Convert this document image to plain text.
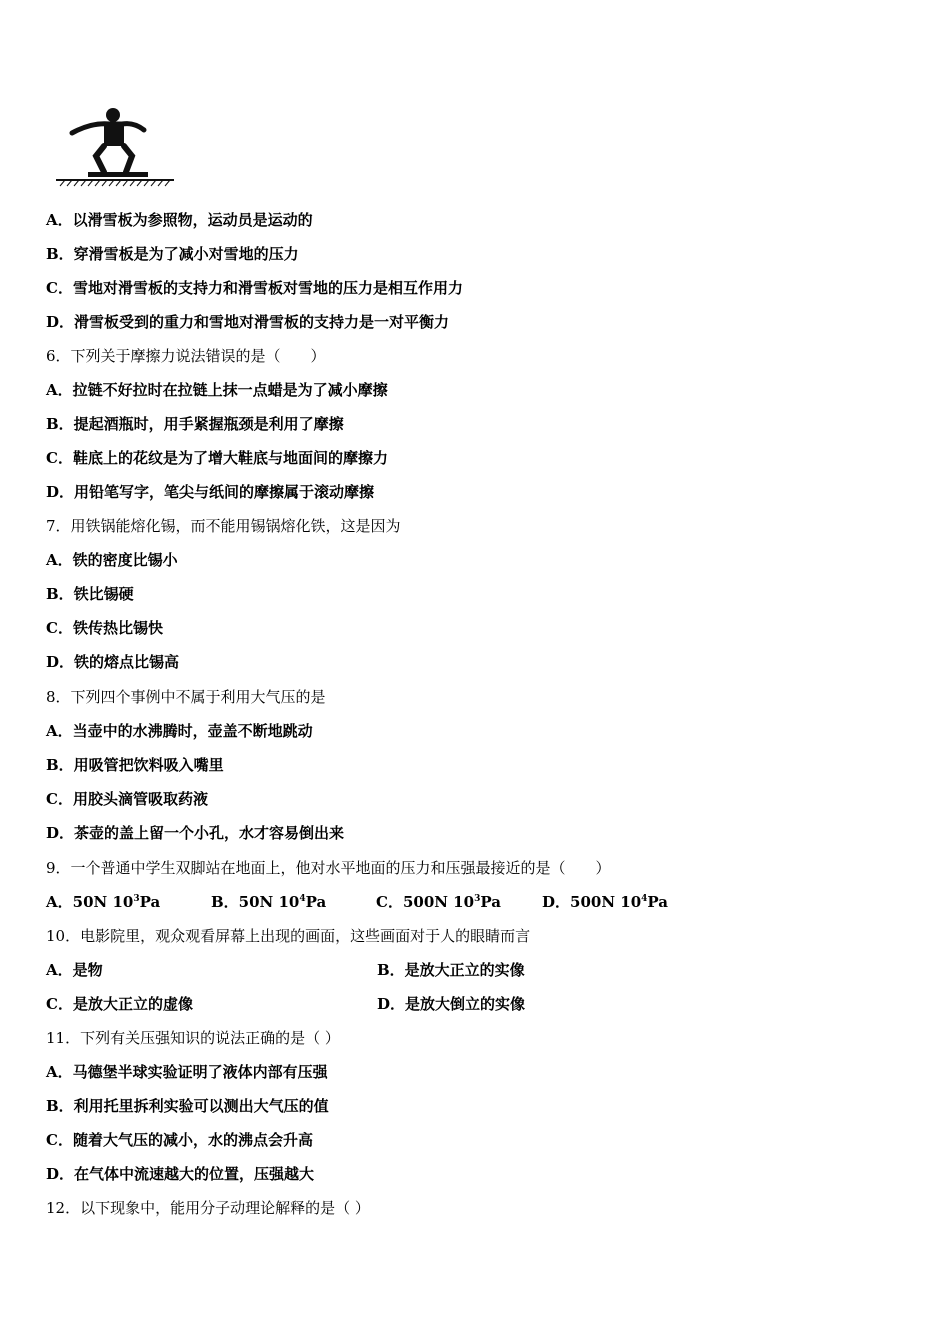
A．以滑雪板为参照物，运动员是运动的
B．穿滑雪板是为了减小对雪地的压力
C．雪地对滑雪板的支持力和滑雪板对雪地的压力是相互作用力
D．滑雪板受到的重力和雪地对滑雪板的支持力是一对平衡力
6．下列关于摩擦力说法错误的是（　　）
A．拉链不好拉时在拉链上抹一点蜡是为了减小摩擦
B．提起酒瓶时，用手紧握瓶颈是利用了摩擦
C．鞋底上的花纹是为了增大鞋底与地面间的摩擦力
D．用铅笔写字，笔尖与纸间的摩擦属于滚动摩擦
7．用铁锅能熔化锡，而不能用锡锅熔化铁，这是因为
A．铁的密度比锡小
B．铁比锡硬
C．铁传热比锡快
D．铁的熔点比锡高
8．下列四个事例中不属于利用大气压的是
A．当壶中的水沸腾时，壶盖不断地跳动
B．用吸管把饮料吸入嘴里
C．用胶头滴管吸取药液
D．茶壶的盖上留一个小孔，水才容易倒出来
9．一个普通中学生双脚站在地面上，他对水平地面的压力和压强最接近的是（　　）
A．50N $10^3Pa$	B．50N $10^4Pa$	C．500N $10^3Pa$	D．500N $10^4Pa$
10．电影院里，观众观看屏幕上出现的画面，这些画面对于人的眼睛而言
A．是物	B．是放大正立的实像
C．是放大正立的虚像	D．是放大倒立的实像
11．下列有关压强知识的说法正确的是（ ）
A．马德堡半球实验证明了液体内部有压强
B．利用托里拆利实验可以测出大气压的值
C．随着大气压的减小，水的沸点会升高
D．在气体中流速越大的位置，压强越大
12．以下现象中，能用分子动理论解释的是（ ）
